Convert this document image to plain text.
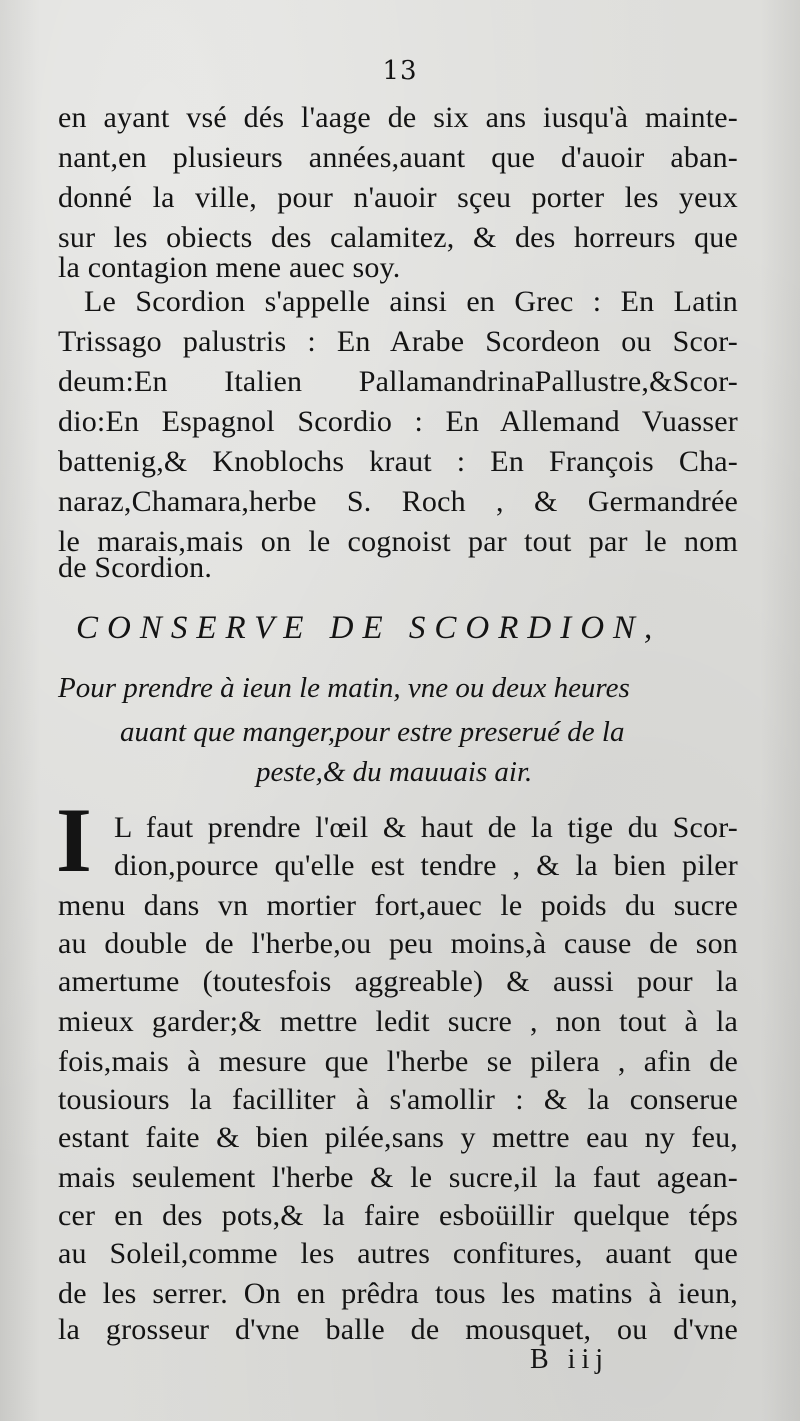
13
en ayant vsé dés l'aage de six ans iusqu'à mainte-
nant,en plusieurs années,auant que d'auoir aban-
donné la ville, pour n'auoir sçeu porter les yeux
sur les obiects des calamitez, & des horreurs que
la contagion mene auec soy.
Le Scordion s'appelle ainsi en Grec : En Latin
Trissago palustris : En Arabe Scordeon ou Scor-
deum:En Italien PallamandrinaPallustre,&Scor-
dio:En Espagnol Scordio : En Allemand Vuasser
battenig,& Knoblochs kraut : En François Cha-
naraz,Chamara,herbe S. Roch , & Germandrée
le marais,mais on le cognoist par tout par le nom
de Scordion.
CONSERVE DE SCORDION,
Pour prendre à ieun le matin, vne ou deux heures
auant que manger,pour estre preserué de la
peste,& du mauuais air.
I L faut prendre l'œil & haut de la tige du Scor-
dion,pource qu'elle est tendre , & la bien piler
menu dans vn mortier fort,auec le poids du sucre
au double de l'herbe,ou peu moins,à cause de son
amertume (toutesfois aggreable) & aussi pour la
mieux garder;& mettre ledit sucre , non tout à la
fois,mais à mesure que l'herbe se pilera , afin de
tousiours la facilliter à s'amollir : & la conserue
estant faite & bien pilée,sans y mettre eau ny feu,
mais seulement l'herbe & le sucre,il la faut agean-
cer en des pots,& la faire esboüillir quelque téps
au Soleil,comme les autres confitures, auant que
de les serrer. On en prêdra tous les matins à ieun,
la grosseur d'vne balle de mousquet, ou d'vne
B iij
